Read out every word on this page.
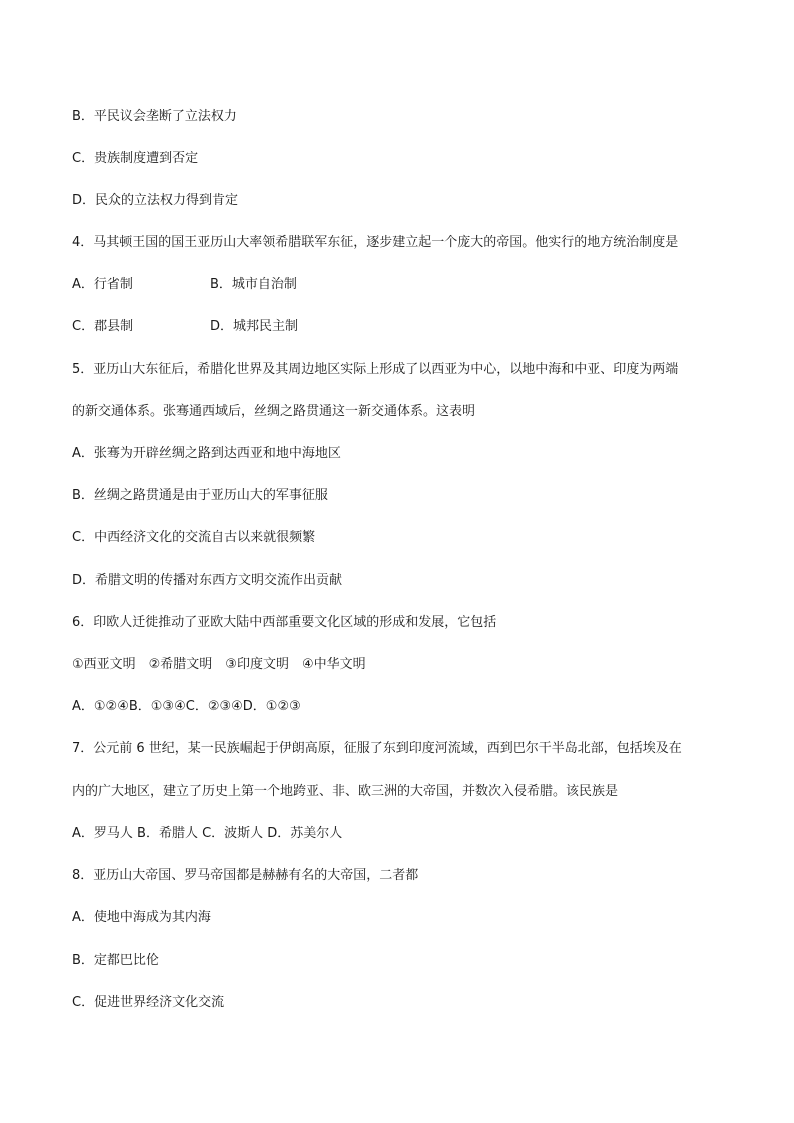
B．平民议会垄断了立法权力
C．贵族制度遭到否定
D．民众的立法权力得到肯定
4．马其顿王国的国王亚历山大率领希腊联军东征，逐步建立起一个庞大的帝国。他实行的地方统治制度是
A．行省制	B．城市自治制
C．郡县制	D．城邦民主制
5．亚历山大东征后，希腊化世界及其周边地区实际上形成了以西亚为中心，以地中海和中亚、印度为两端
的新交通体系。张骞通西域后，丝绸之路贯通这一新交通体系。这表明
A．张骞为开辟丝绸之路到达西亚和地中海地区
B．丝绸之路贯通是由于亚历山大的军事征服
C．中西经济文化的交流自古以来就很频繁
D．希腊文明的传播对东西方文明交流作出贡献
6．印欧人迁徙推动了亚欧大陆中西部重要文化区域的形成和发展，它包括
①西亚文明　②希腊文明　③印度文明　④中华文明
A．①②④B．①③④C．②③④D．①②③
7．公元前 6 世纪，某一民族崛起于伊朗高原，征服了东到印度河流域，西到巴尔干半岛北部，包括埃及在
内的广大地区，建立了历史上第一个地跨亚、非、欧三洲的大帝国，并数次入侵希腊。该民族是
A．罗马人 B．希腊人 C．波斯人 D．苏美尔人
8．亚历山大帝国、罗马帝国都是赫赫有名的大帝国，二者都
A．使地中海成为其内海
B．定都巴比伦
C．促进世界经济文化交流
